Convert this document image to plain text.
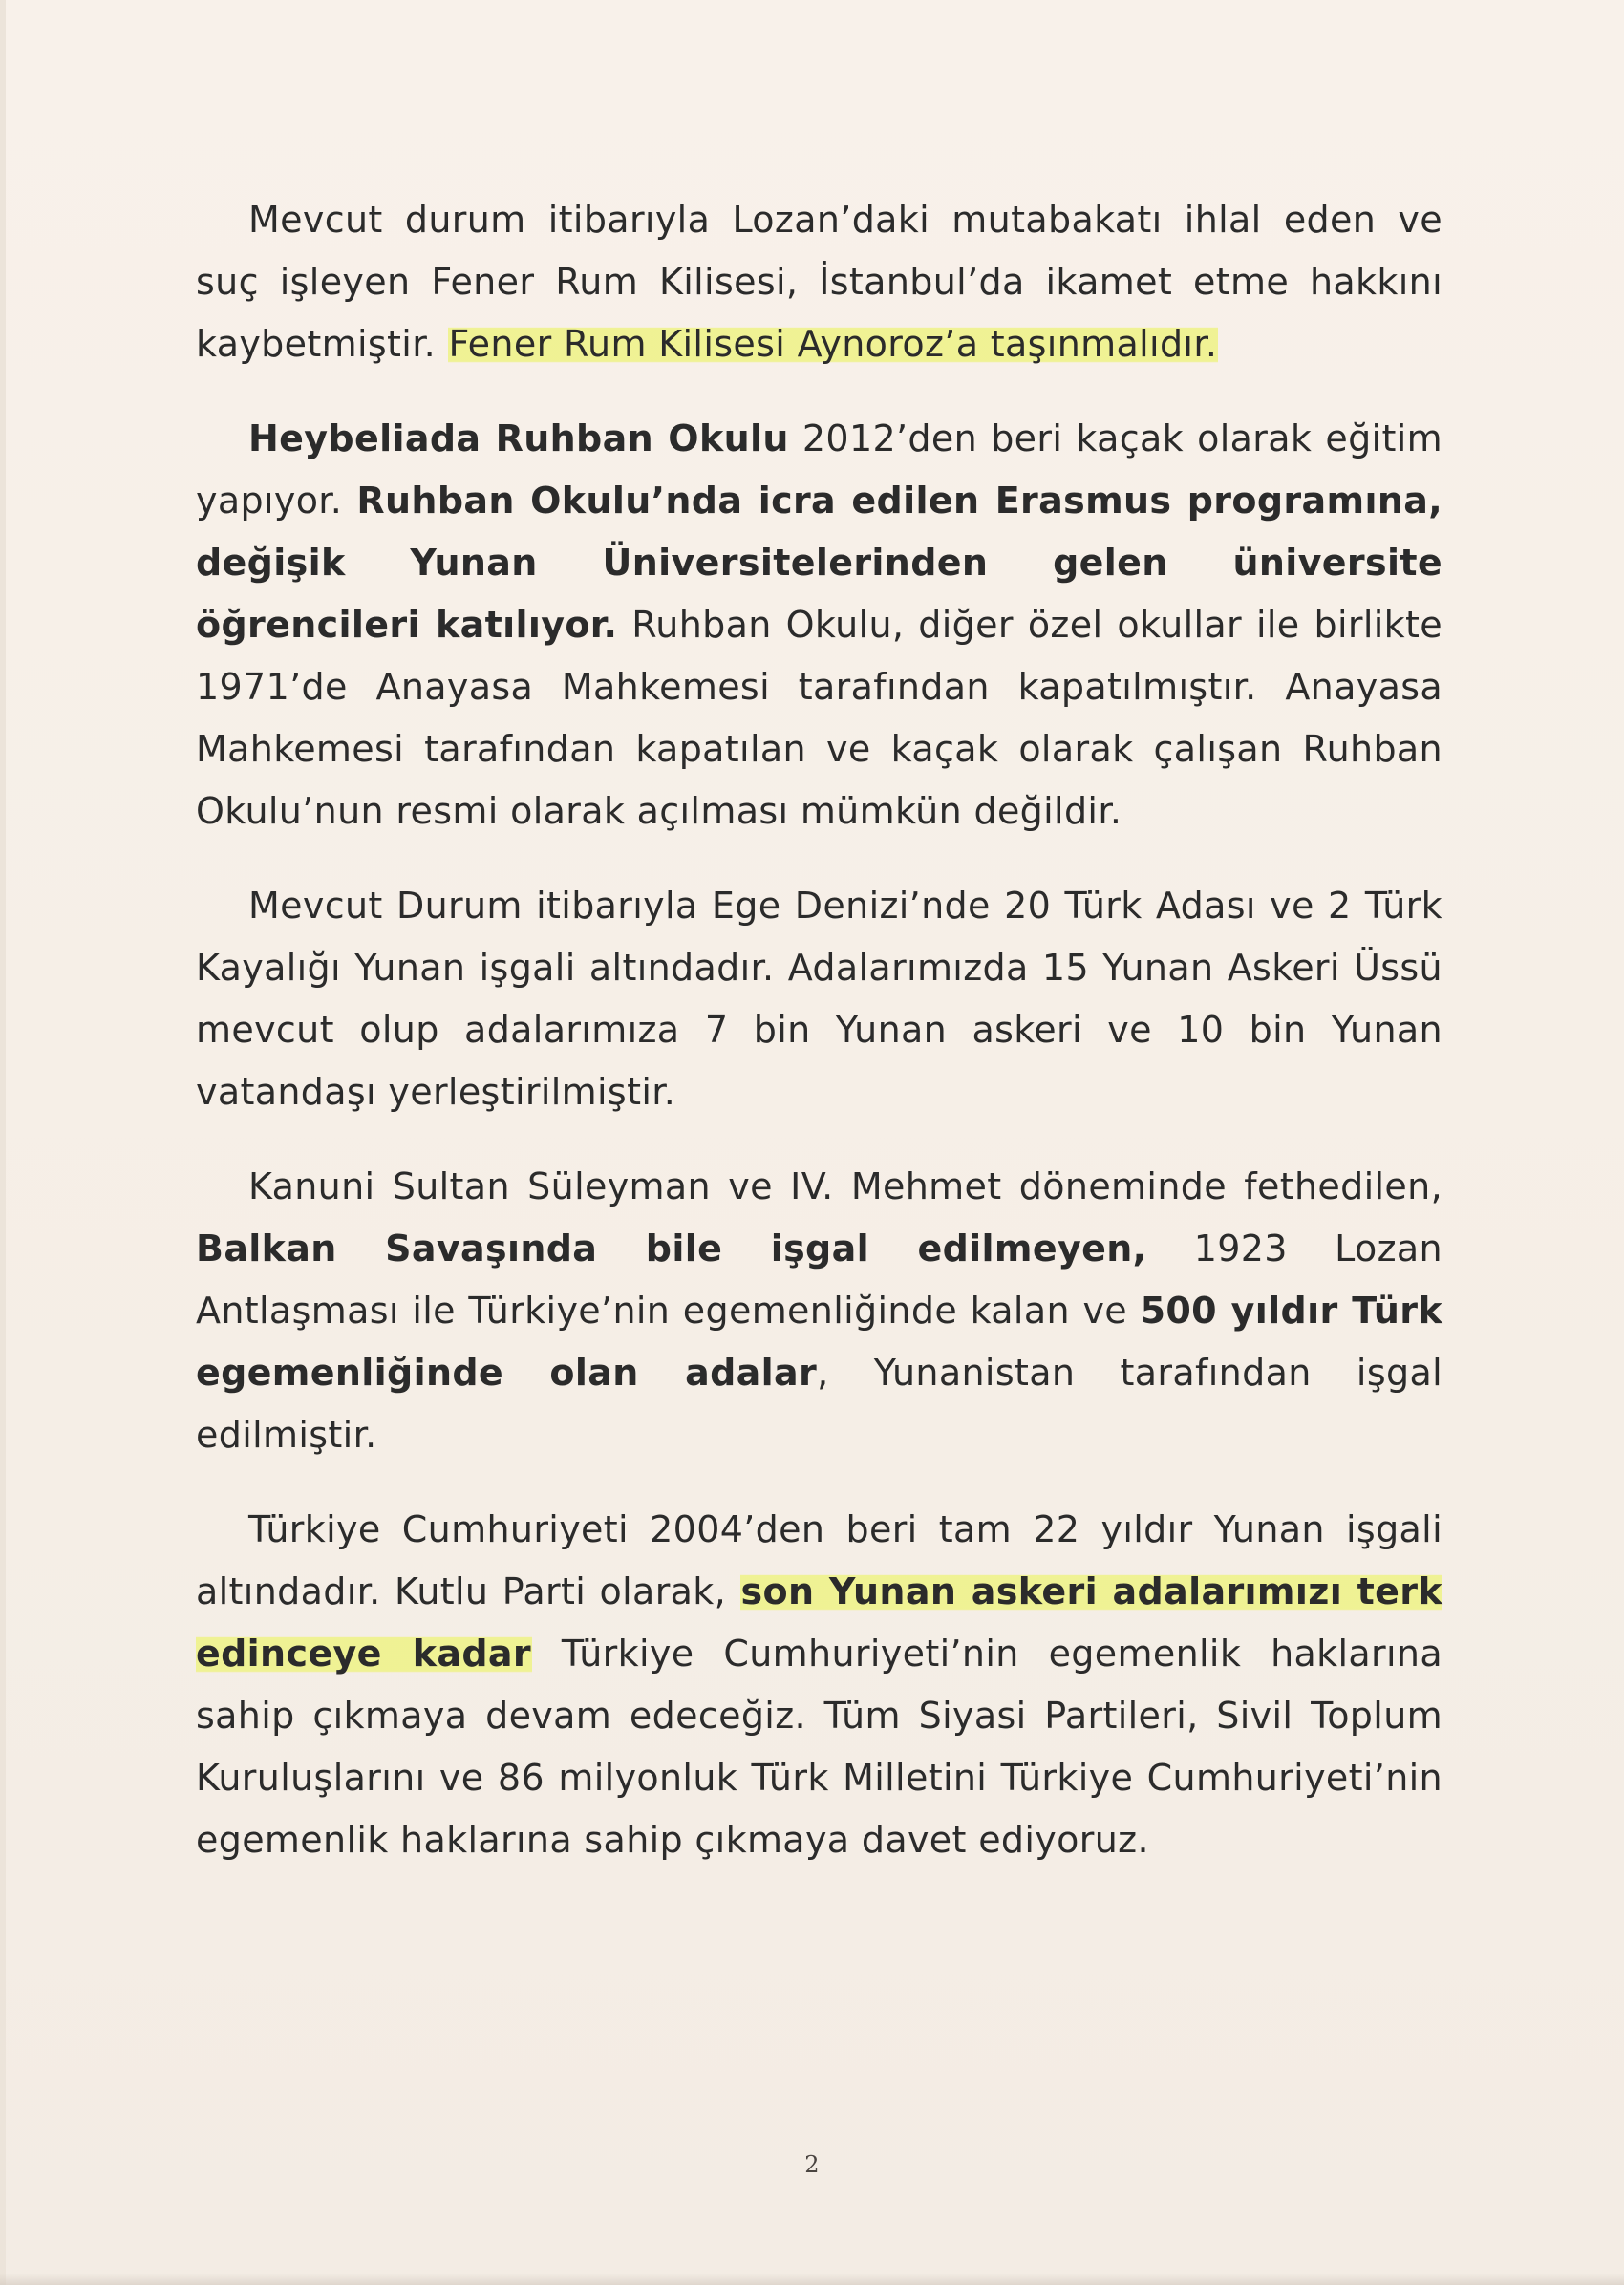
Mevcut durum itibarıyla Lozan’daki mutabakatı ihlal eden ve suç işleyen Fener Rum Kilisesi, İstanbul’da ikamet etme hakkını kaybetmiştir. Fener Rum Kilisesi Aynoroz’a taşınmalıdır.

Heybeliada Ruhban Okulu 2012’den beri kaçak olarak eğitim yapıyor. Ruhban Okulu’nda icra edilen Erasmus programına, değişik Yunan Üniversitelerinden gelen üniversite öğrencileri katılıyor. Ruhban Okulu, diğer özel okullar ile birlikte 1971’de Anayasa Mahkemesi tarafından kapatılmıştır. Anayasa Mahkemesi tarafından kapatılan ve kaçak olarak çalışan Ruhban Okulu’nun resmi olarak açılması mümkün değildir.

Mevcut Durum itibarıyla Ege Denizi’nde 20 Türk Adası ve 2 Türk Kayalığı Yunan işgali altındadır. Adalarımızda 15 Yunan Askeri Üssü mevcut olup adalarımıza 7 bin Yunan askeri ve 10 bin Yunan vatandaşı yerleştirilmiştir.

Kanuni Sultan Süleyman ve IV. Mehmet döneminde fethedilen, Balkan Savaşında bile işgal edilmeyen, 1923 Lozan Antlaşması ile Türkiye’nin egemenliğinde kalan ve 500 yıldır Türk egemenliğinde olan adalar, Yunanistan tarafından işgal edilmiştir.

Türkiye Cumhuriyeti 2004’den beri tam 22 yıldır Yunan işgali altındadır. Kutlu Parti olarak, son Yunan askeri adalarımızı terk edinceye kadar Türkiye Cumhuriyeti’nin egemenlik haklarına sahip çıkmaya devam edeceğiz. Tüm Siyasi Partileri, Sivil Toplum Kuruluşlarını ve 86 milyonluk Türk Milletini Türkiye Cumhuriyeti’nin egemenlik haklarına sahip çıkmaya davet ediyoruz.

2
